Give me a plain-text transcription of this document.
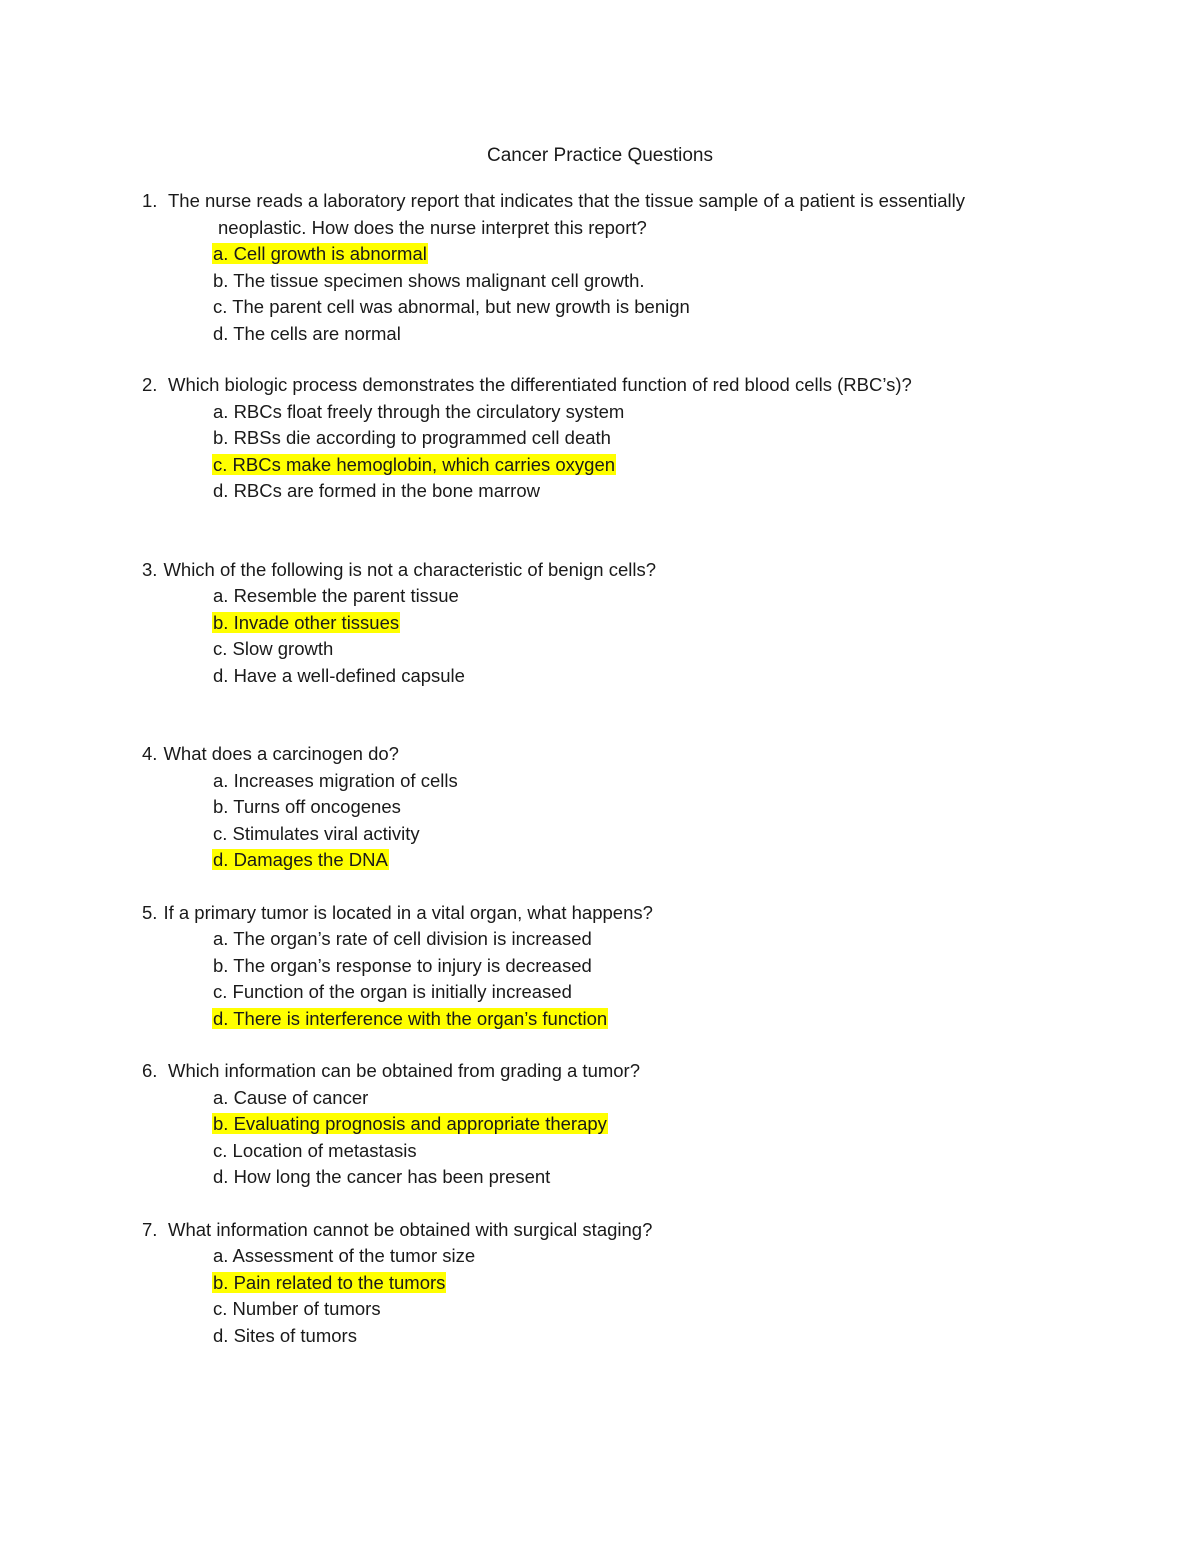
Cancer Practice Questions
1. The nurse reads a laboratory report that indicates that the tissue sample of a patient is essentially
neoplastic. How does the nurse interpret this report?
a. Cell growth is abnormal
b. The tissue specimen shows malignant cell growth.
c. The parent cell was abnormal, but new growth is benign
d. The cells are normal
2. Which biologic process demonstrates the differentiated function of red blood cells (RBC’s)?
a. RBCs float freely through the circulatory system
b. RBSs die according to programmed cell death
c. RBCs make hemoglobin, which carries oxygen
d. RBCs are formed in the bone marrow
3. Which of the following is not a characteristic of benign cells?
a. Resemble the parent tissue
b. Invade other tissues
c. Slow growth
d. Have a well-defined capsule
4. What does a carcinogen do?
a. Increases migration of cells
b. Turns off oncogenes
c. Stimulates viral activity
d. Damages the DNA
5. If a primary tumor is located in a vital organ, what happens?
a. The organ’s rate of cell division is increased
b. The organ’s response to injury is decreased
c. Function of the organ is initially increased
d. There is interference with the organ’s function
6. Which information can be obtained from grading a tumor?
a. Cause of cancer
b. Evaluating prognosis and appropriate therapy
c. Location of metastasis
d. How long the cancer has been present
7. What information cannot be obtained with surgical staging?
a. Assessment of the tumor size
b. Pain related to the tumors
c. Number of tumors
d. Sites of tumors
